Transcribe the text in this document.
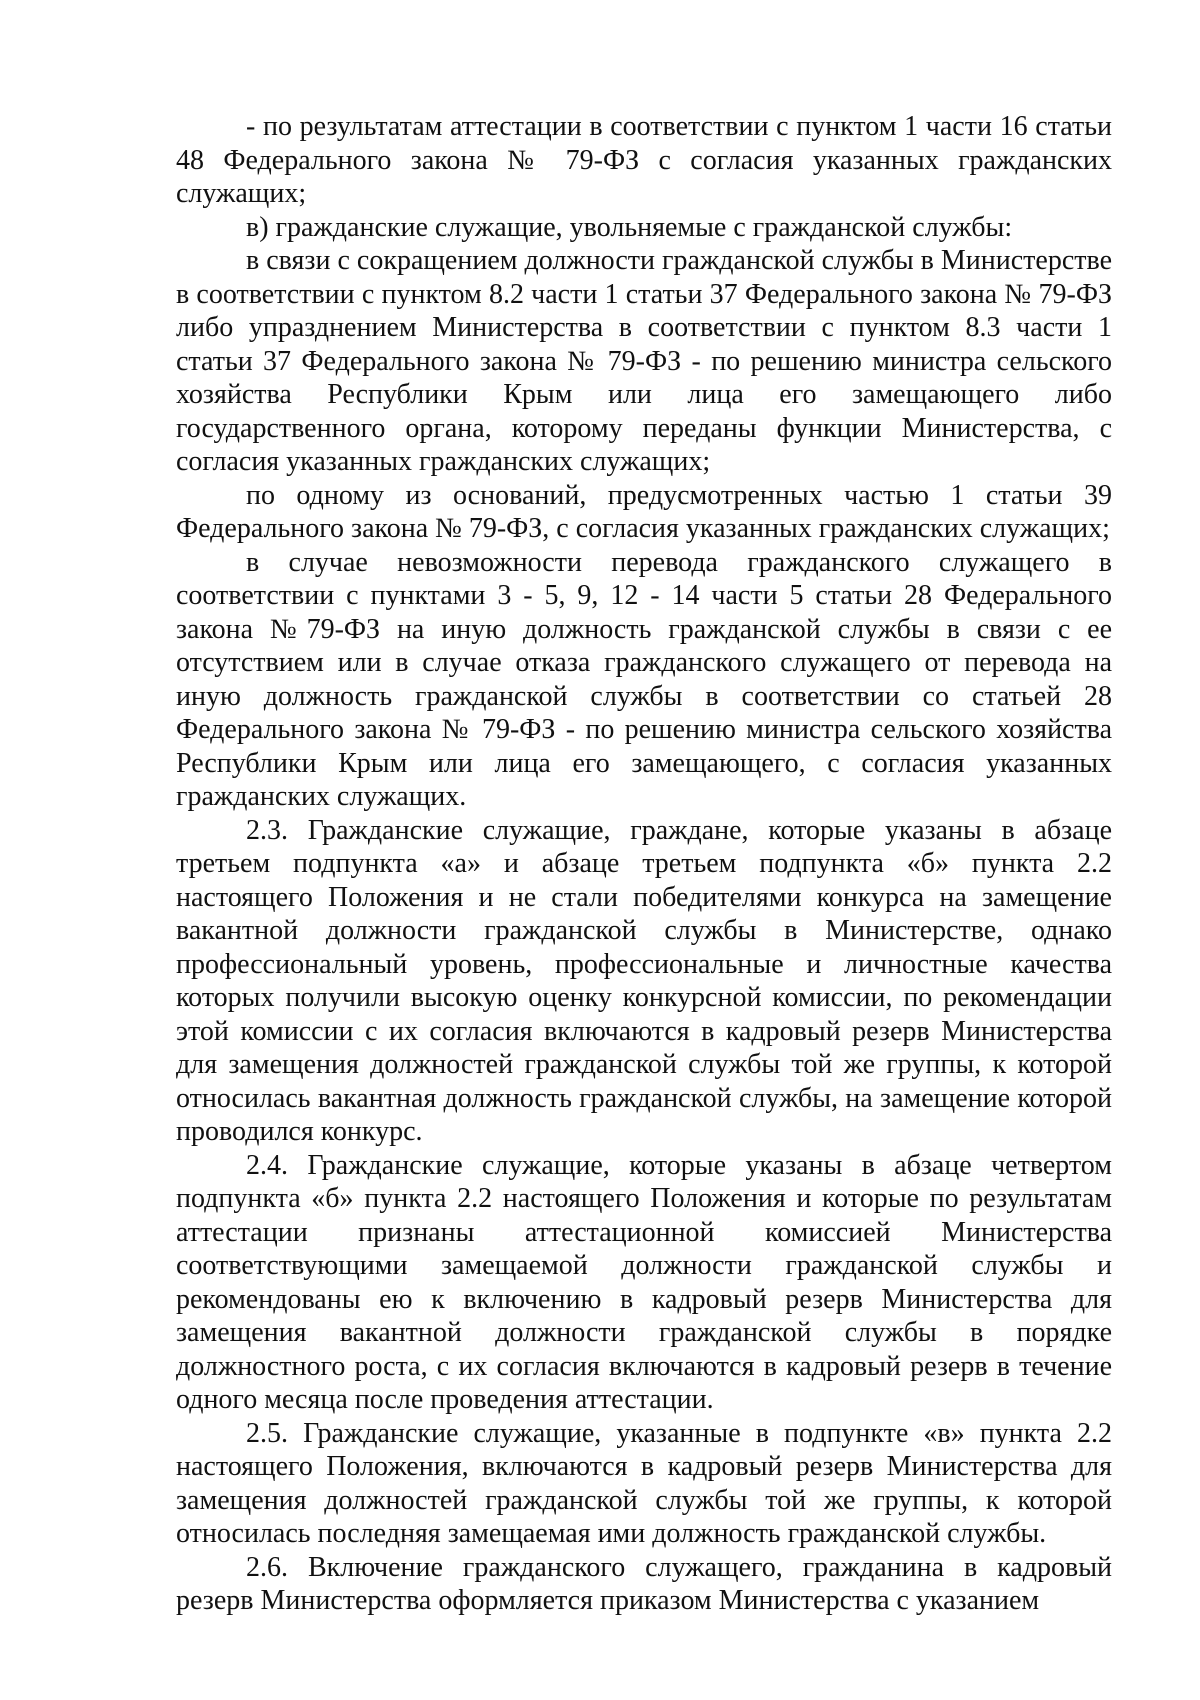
- по результатам аттестации в соответствии с пунктом 1 части 16 статьи 48 Федерального закона № 79-ФЗ с согласия указанных гражданских служащих;

в) гражданские служащие, увольняемые с гражданской службы:

в связи с сокращением должности гражданской службы в Министерстве в соответствии с пунктом 8.2 части 1 статьи 37 Федерального закона № 79-ФЗ либо упразднением Министерства в соответствии с пунктом 8.3 части 1 статьи 37 Федерального закона № 79-ФЗ - по решению министра сельского хозяйства Республики Крым или лица его замещающего либо государственного органа, которому переданы функции Министерства, с согласия указанных гражданских служащих;

по одному из оснований, предусмотренных частью 1 статьи 39 Федерального закона № 79-ФЗ, с согласия указанных гражданских служащих;

в случае невозможности перевода гражданского служащего в соответствии с пунктами 3 - 5, 9, 12 - 14 части 5 статьи 28 Федерального закона №79-ФЗ на иную должность гражданской службы в связи с ее отсутствием или в случае отказа гражданского служащего от перевода на иную должность гражданской службы в соответствии со статьей 28 Федерального закона № 79-ФЗ - по решению министра сельского хозяйства Республики Крым или лица его замещающего, с согласия указанных гражданских служащих.

2.3. Гражданские служащие, граждане, которые указаны в абзаце третьем подпункта «а» и абзаце третьем подпункта «б» пункта 2.2 настоящего Положения и не стали победителями конкурса на замещение вакантной должности гражданской службы в Министерстве, однако профессиональный уровень, профессиональные и личностные качества которых получили высокую оценку конкурсной комиссии, по рекомендации этой комиссии с их согласия включаются в кадровый резерв Министерства для замещения должностей гражданской службы той же группы, к которой относилась вакантная должность гражданской службы, на замещение которой проводился конкурс.

2.4. Гражданские служащие, которые указаны в абзаце четвертом подпункта «б» пункта 2.2 настоящего Положения и которые по результатам аттестации признаны аттестационной комиссией Министерства соответствующими замещаемой должности гражданской службы и рекомендованы ею к включению в кадровый резерв Министерства для замещения вакантной должности гражданской службы в порядке должностного роста, с их согласия включаются в кадровый резерв в течение одного месяца после проведения аттестации.

2.5. Гражданские служащие, указанные в подпункте «в» пункта 2.2 настоящего Положения, включаются в кадровый резерв Министерства для замещения должностей гражданской службы той же группы, к которой относилась последняя замещаемая ими должность гражданской службы.

2.6. Включение гражданского служащего, гражданина в кадровый резерв Министерства оформляется приказом Министерства с указанием
